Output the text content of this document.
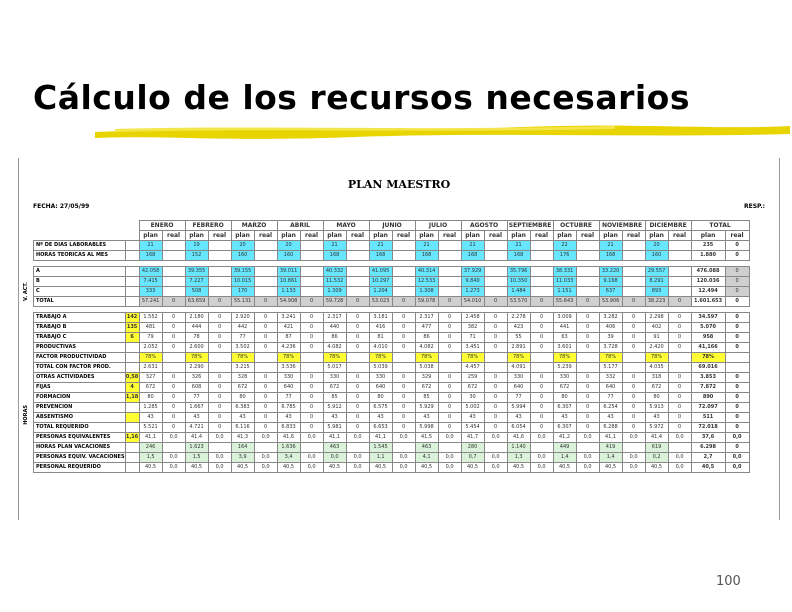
Cálculo de los recursos necesarios
PLAN MAESTRO
FECHA: 27/05/99	RESP.:
V. ACT.
HORAS
		ENERO		FEBRERO		MARZO		ABRIL		MAYO		JUNIO		JULIO		AGOSTO		SEPTIEMBRE		OCTUBRE		NOVIEMBRE		DICIEMBRE		TOTAL	
		plan	real	plan	real	plan	real	plan	real	plan	real	plan	real	plan	real	plan	real	plan	real	plan	real	plan	real	plan	real	plan	real
Nº DE DIAS LABORABLES		21		19		20		20		21		21		21		21		21		22		21		20		235	0
HORAS TEORICAS AL MES		168		152		160		160		168		168		168		168		168		176		168		160		1.880	0

A		42.058		39.355		39.155		39.011		40.332		41.095		40.314		37.929		35.796		38.331		33.220		29.557		476.088	0
B		7.415		7.227		10.015		10.861		11.532		10.297		12.533		9.840		10.350		11.033		9.168		8.291		120.036	0
C		333		508		170		1.133		1.309		1.204		1.308		1.273		1.484		1.151		637		893		12.494	0
TOTAL		57.241	0	63.659	0	55.131	0	54.908	0	59.728	0	53.023	0	59.078	0	54.010	0	53.570	0	55.643	0	53.906	0	38.223	0	1.601.653	0

TRABAJO A	142	1.552	0	2.180	0	2.920	0	3.241	0	2.317	0	3.181	0	2.317	0	2.458	0	2.278	0	3.009	0	3.282	0	2.298	0	34.597	0
TRABAJO B	135	481	0	444	0	442	0	421	0	440	0	416	0	477	0	382	0	423	0	441	0	406	0	402	0	5.070	0
TRABAJO C	6	79	0	78	0	77	0	87	0	86	0	81	0	86	0	71	0	55	0	63	0	39	0	91	0	958	0
PRODUCTIVAS		2.052	0	2.600	0	3.502	0	4.236	0	4.082	0	4.010	0	4.082	0	3.451	0	2.891	0	3.601	0	3.728	0	2.420	0	41,166	0
FACTOR PRODUCTIVIDAD		78%		78%		78%		78%		78%		78%		78%		78%		78%		78%		78%		78%		78%	
TOTAL CON FACTOR PROD.		2.631		2.290		3.215		3.536		5.017		5.039		5.038		4.457		4.091		5.239		5.177		4.035		69.016	
OTRAS ACTIVIDADES	0,58	327	0	326	0	328	0	330	0	330	0	330	0	329	0	259	0	330	0	330	0	332	0	318	0	3.853	0
FIJAS	4	672	0	608	0	672	0	640	0	672	0	640	0	672	0	672	0	640	0	672	0	640	0	672	0	7.872	0
FORMACION	1,18	80	0	77	0	80	0	77	0	85	0	80	0	85	0	30	0	77	0	80	0	77	0	80	0	890	0
PREVENCION		1.285	0	1.667	0	6.383	0	6.785	0	5.912	0	6.575	0	5.929	0	5.002	0	5.994	0	6.307	0	6.254	0	5.913	0	72.097	0
ABSENTISMO		43	0	43	0	43	0	43	0	43	0	43	0	43	0	43	0	43	0	43	0	43	0	43	0	511	0
TOTAL REQUERIDO		5.521	0	4.721	0	6.116	0	6.833	0	5.981	0	6.653	0	5.998	0	5.454	0	6.054	0	6.307	0	6.288	0	5.972	0	72.018	0
PERSONAS EQUIVALENTES	1,16	41,1	0,0	41,4	0,0	41,3	0,0	41,6	0,0	41,1	0,0	41,1	0,0	41,5	0,0	41,7	0,0	41,6	0,0	41,2	0,0	41,1	0,0	41,4	0,0	37,6	0,0
HORAS PLAN VACACIONES		246		1.623		164		1.636		463		1.545		463		280		1.140		449		419		619		6.298	0
PERSONAS EQUIV. VACACIONES		1,5	0,0	1,5	0,0	3,9	0,0	3,4	0,0	0,0	0,0	1,1	0,0	4,1	0,0	0,7	0,0	1,3	0,0	1,4	0,0	1,4	0,0	0,2	0,0	2,7	0,0
PERSONAL REQUERIDO		40,5	0,0	40,5	0,0	40,5	0,0	40,5	0,0	40,5	0,0	40,5	0,0	40,5	0,0	40,5	0,0	40,5	0,0	40,5	0,0	40,5	0,0	40,5	0,0	40,5	0,0
100
